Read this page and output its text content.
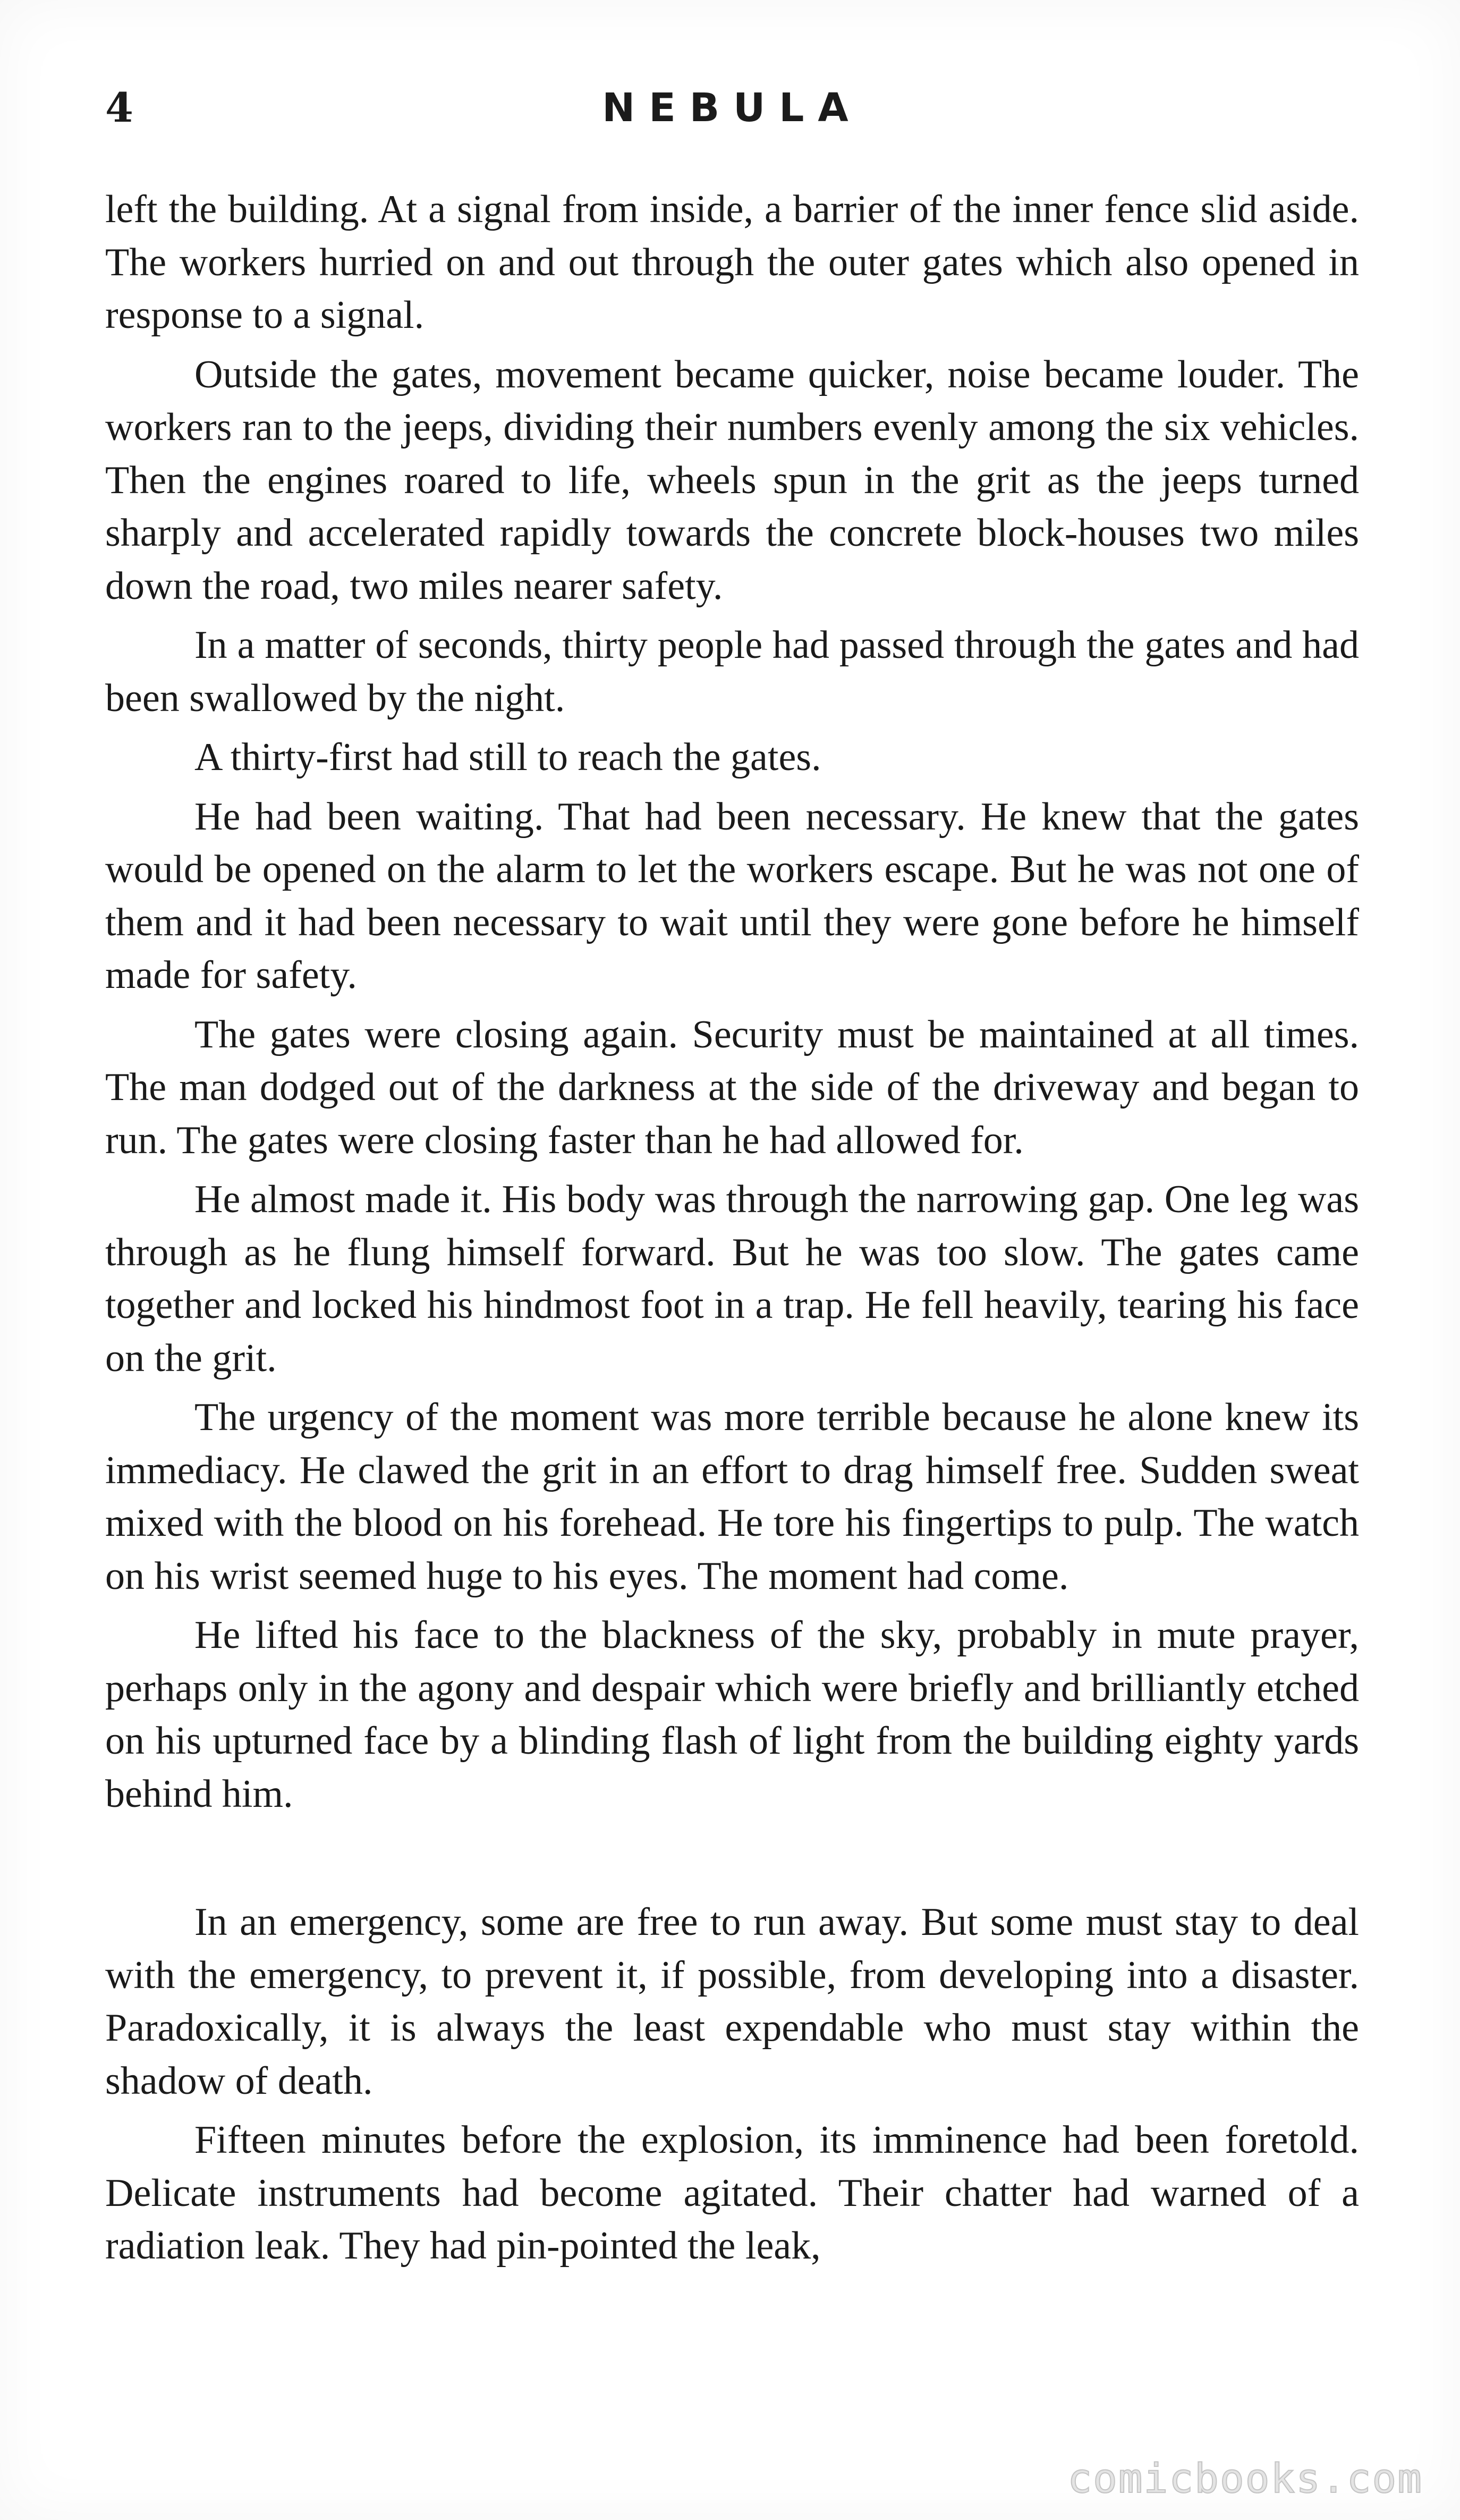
4	NEBULA

left the building. At a signal from inside, a barrier of the inner fence slid aside. The workers hurried on and out through the outer gates which also opened in response to a signal.

Outside the gates, movement became quicker, noise became louder. The workers ran to the jeeps, dividing their numbers evenly among the six vehicles. Then the engines roared to life, wheels spun in the grit as the jeeps turned sharply and accelerated rapidly towards the concrete block-houses two miles down the road, two miles nearer safety.

In a matter of seconds, thirty people had passed through the gates and had been swallowed by the night.

A thirty-first had still to reach the gates.

He had been waiting. That had been necessary. He knew that the gates would be opened on the alarm to let the workers escape. But he was not one of them and it had been necessary to wait until they were gone before he himself made for safety.

The gates were closing again. Security must be maintained at all times. The man dodged out of the darkness at the side of the driveway and began to run. The gates were closing faster than he had allowed for.

He almost made it. His body was through the narrowing gap. One leg was through as he flung himself forward. But he was too slow. The gates came together and locked his hindmost foot in a trap. He fell heavily, tearing his face on the grit.

The urgency of the moment was more terrible because he alone knew its immediacy. He clawed the grit in an effort to drag himself free. Sudden sweat mixed with the blood on his forehead. He tore his fingertips to pulp. The watch on his wrist seemed huge to his eyes. The moment had come.

He lifted his face to the blackness of the sky, probably in mute prayer, perhaps only in the agony and despair which were briefly and brilliantly etched on his upturned face by a blinding flash of light from the building eighty yards behind him.

In an emergency, some are free to run away. But some must stay to deal with the emergency, to prevent it, if possible, from developing into a disaster. Paradoxically, it is always the least expendable who must stay within the shadow of death.

Fifteen minutes before the explosion, its imminence had been foretold. Delicate instruments had become agitated. Their chatter had warned of a radiation leak. They had pin-pointed the leak,

comicbooks.com
